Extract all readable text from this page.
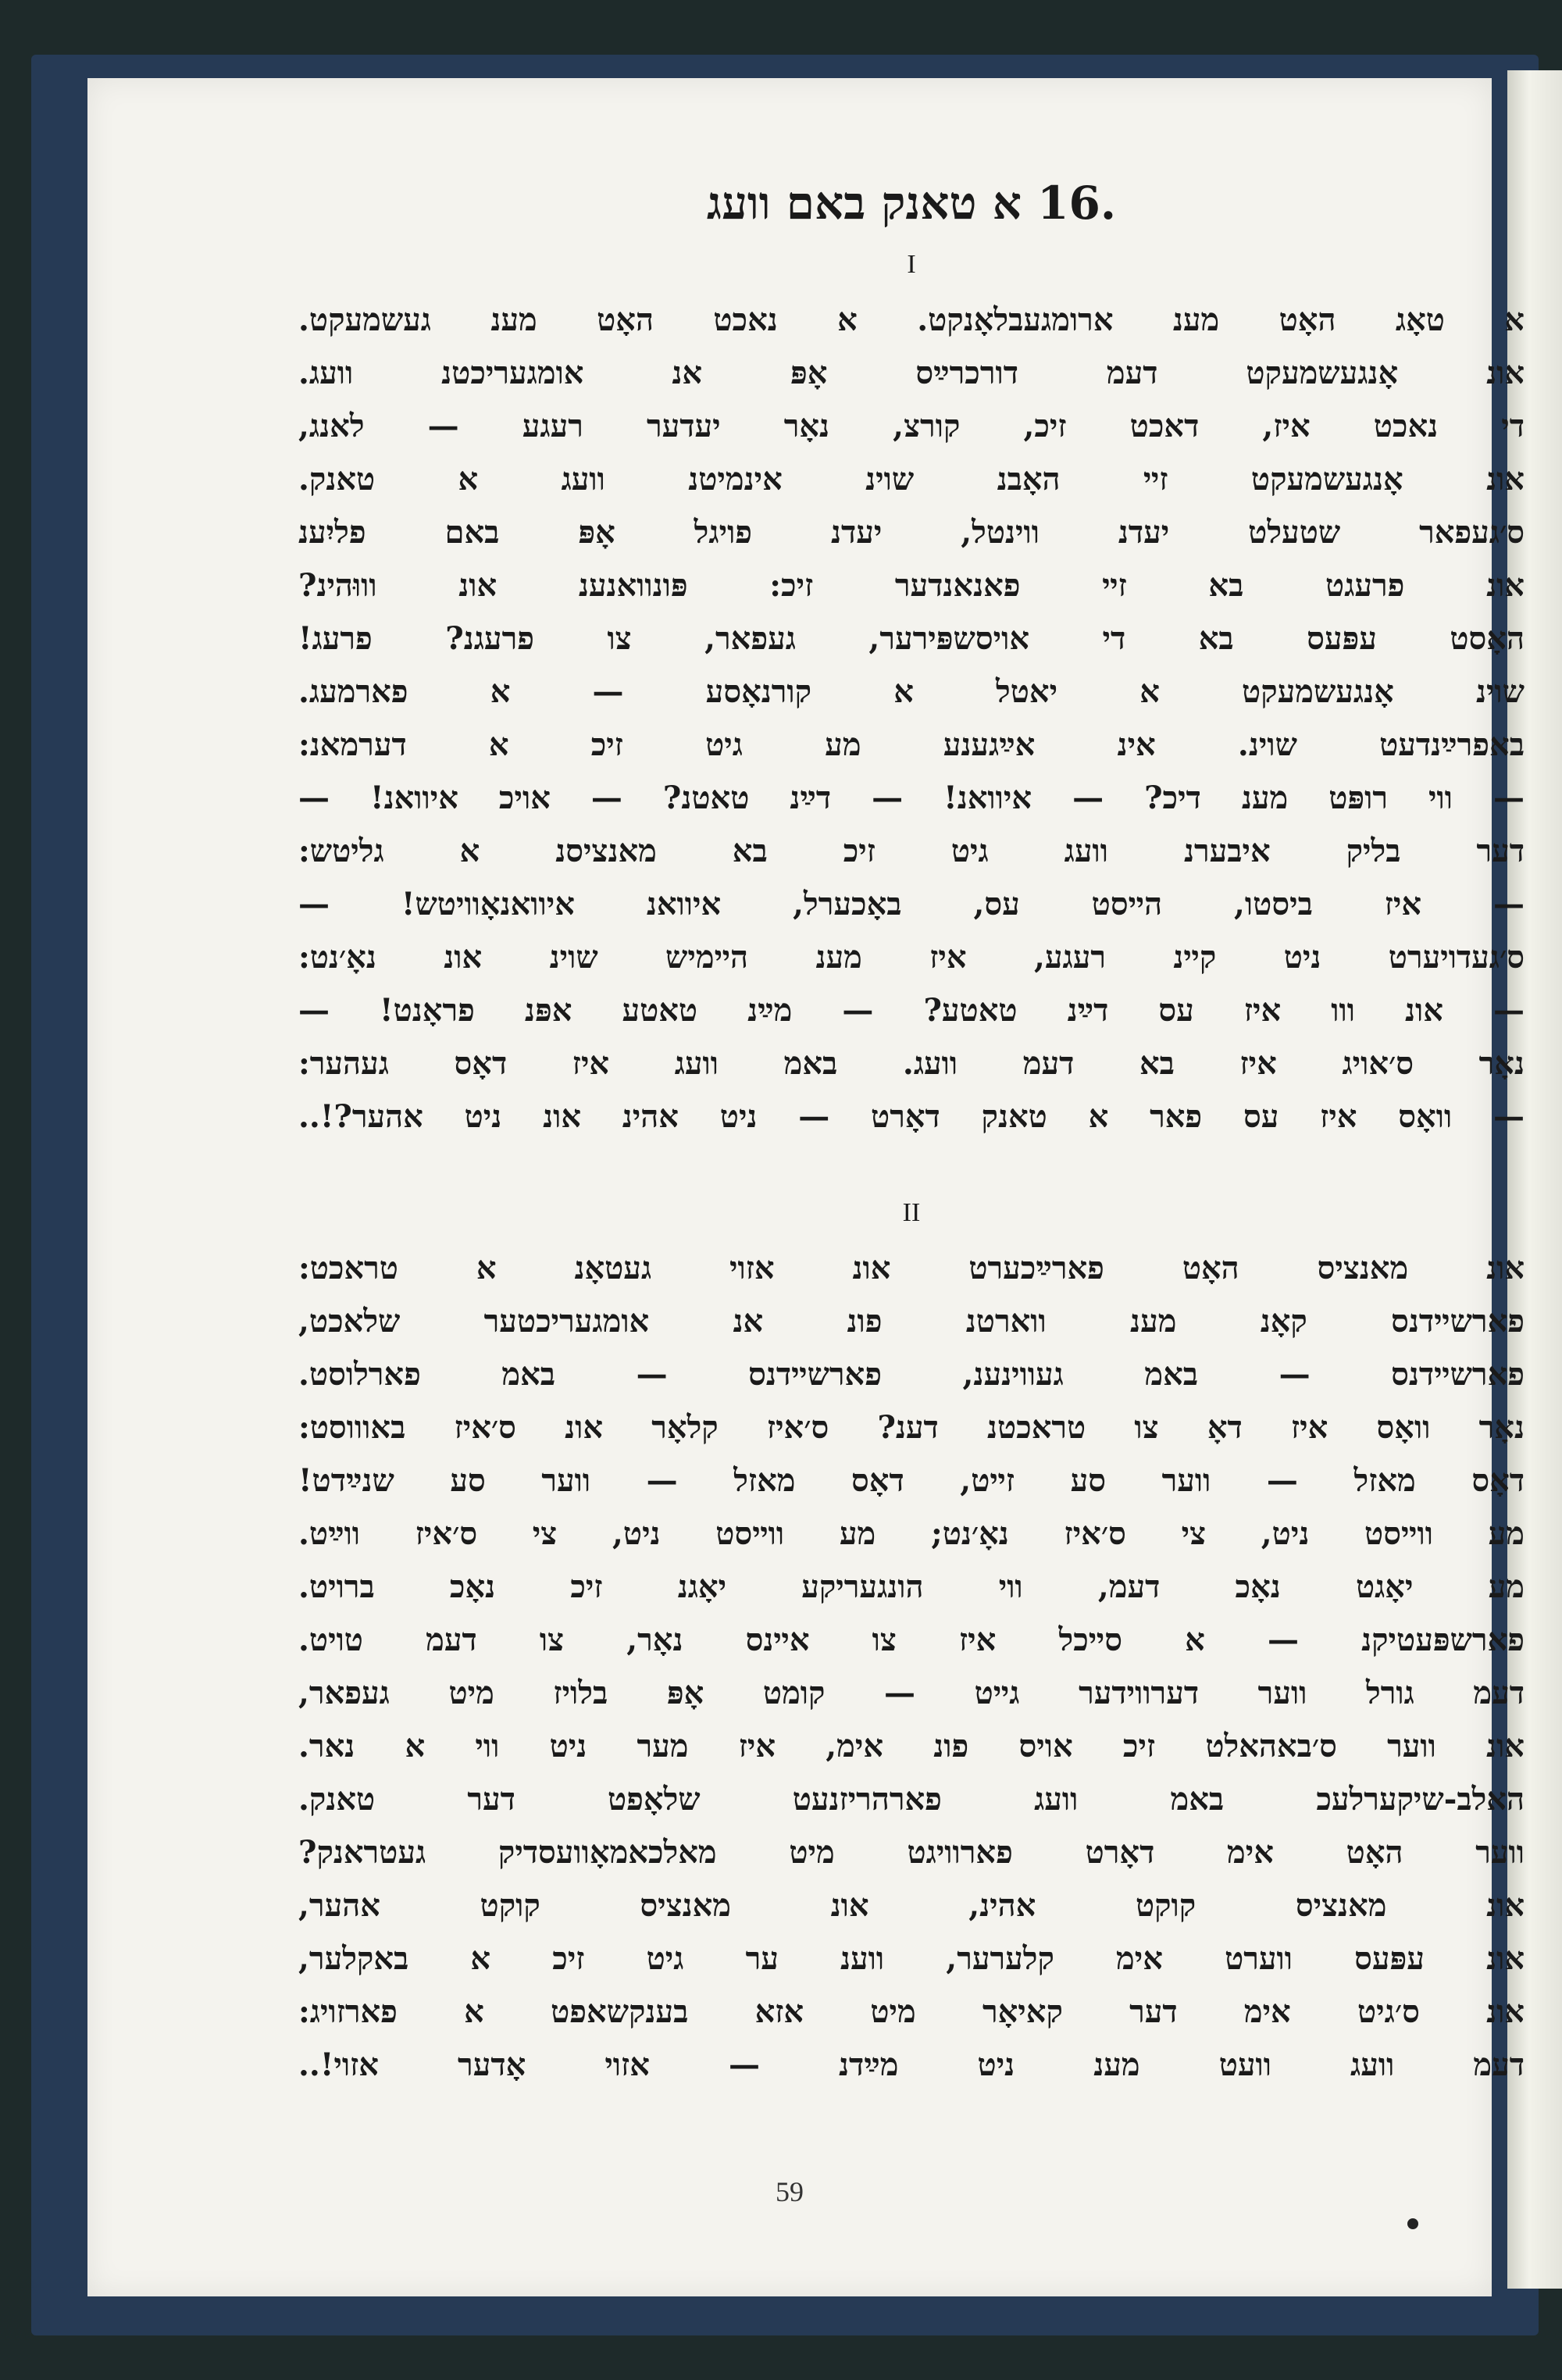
.16 א טאנק באם וועג
I
א טאָג האָט מענ ארומגעבלאָנקט. א נאכט האָט מענ געשמעקט.
אונ אָנגעשמעקט דעמ דורכרײַס אָפּ אנ אומגעריכטנ וועג.
די נאכט איז, דאכט זיכ, קורצ, נאָר יעדער רעגע — לאנג,
אונ אָנגעשמעקט זײ האָבנ שוינ אינמיטנ וועג א טאנק.
ס׳געפאר שטעלט יעדנ ווינטל, יעדנ פויגל אָפּ באם פליִענ
אונ פרעגט בא זײ פאנאנדער זיכ: פּונוואנענ אונ וווּהינ?
האָסט עפּעס בא די אויסשפּירער, געפאר, צו פרעגנ? פרעג!
שוינ אָנגעשמעקט א יאטל א קורנאָסע — א פארמעג.
באפרײַנדעט שוינ. אינ אײַגענע מע גיט זיכ א דערמאנ:
— ווי רופּט מענ דיכ? — איוואנ! — דײַנ טאטנ? — אויכ איוואנ! —
דער בליק איבערנ וועג גיט זיכ בא מאנציסנ א גליטש:
— איז ביסטו, הײסט עס, באָכערל, איוואנ איוואנאָוויטש! —
ס׳געדויערט ניט קײנ רעגע, איז מענ הײמיש שוינ אונ נאָ׳נט:
— אונ ווו איז עס דײַנ טאטע? — מײַנ טאטע אפּנ פראָנט! —
נאָר ס׳אויג איז בא דעמ וועג. באמ וועג איז דאָס געהער:
— וואָס איז עס פאר א טאנק דאָרט — ניט אהינ אונ ניט אהער?!..
II
אונ מאנציס האָט פארײַכערט אונ אזוי געטאָנ א טראכט:
פארשײדנס קאָנ מענ ווארטנ פונ אנ אומגעריכטער שלאכט,
פארשײדנס — באמ געווינענ, פארשײדנס — באמ פארלוסט.
נאָר וואָס איז דאָ צו טראכטנ דענ? ס׳איז קלאָר אונ ס׳איז באוווסט:
דאָס מאזל — ווער סע זײט, דאָס מאזל — ווער סע שנײַדט!
מע ווײסט ניט, צי ס׳איז נאָ׳נט; מע ווײסט ניט, צי ס׳איז ווײַט.
מע יאָגט נאָכ דעמ, ווי הונגעריקע יאָגנ זיכ נאָכ ברויט.
פארשפּעטיקנ — א סײכל איז צו אײנס נאָר, צו דעמ טויט.
דעמ גורל ווער דערווידער גײט — קומט אָפּ בלויז מיט געפאר,
אונ ווער ס׳באהאלט זיכ אויס פונ אימ, איז מער ניט ווי א נאר.
האלב-שיקערלעכ באמ וועג פארהריזנעט שלאָפט דער טאנק.
ווער האָט אימ דאָרט פארוויגט מיט מאלכאמאָוועסדיק געטראנק?
אונ מאנציס קוקט אהינ, אונ מאנציס קוקט אהער,
אונ עפּעס ווערט אימ קלערער, ווענ ער גיט זיכ א באקלער,
אונ ס׳גיט אימ דער קאיאָר מיט אזא בענקשאפט א פארזויג:
דעמ וועג וועט מענ ניט מײַדנ — אזוי אָדער אזוי!..
59
